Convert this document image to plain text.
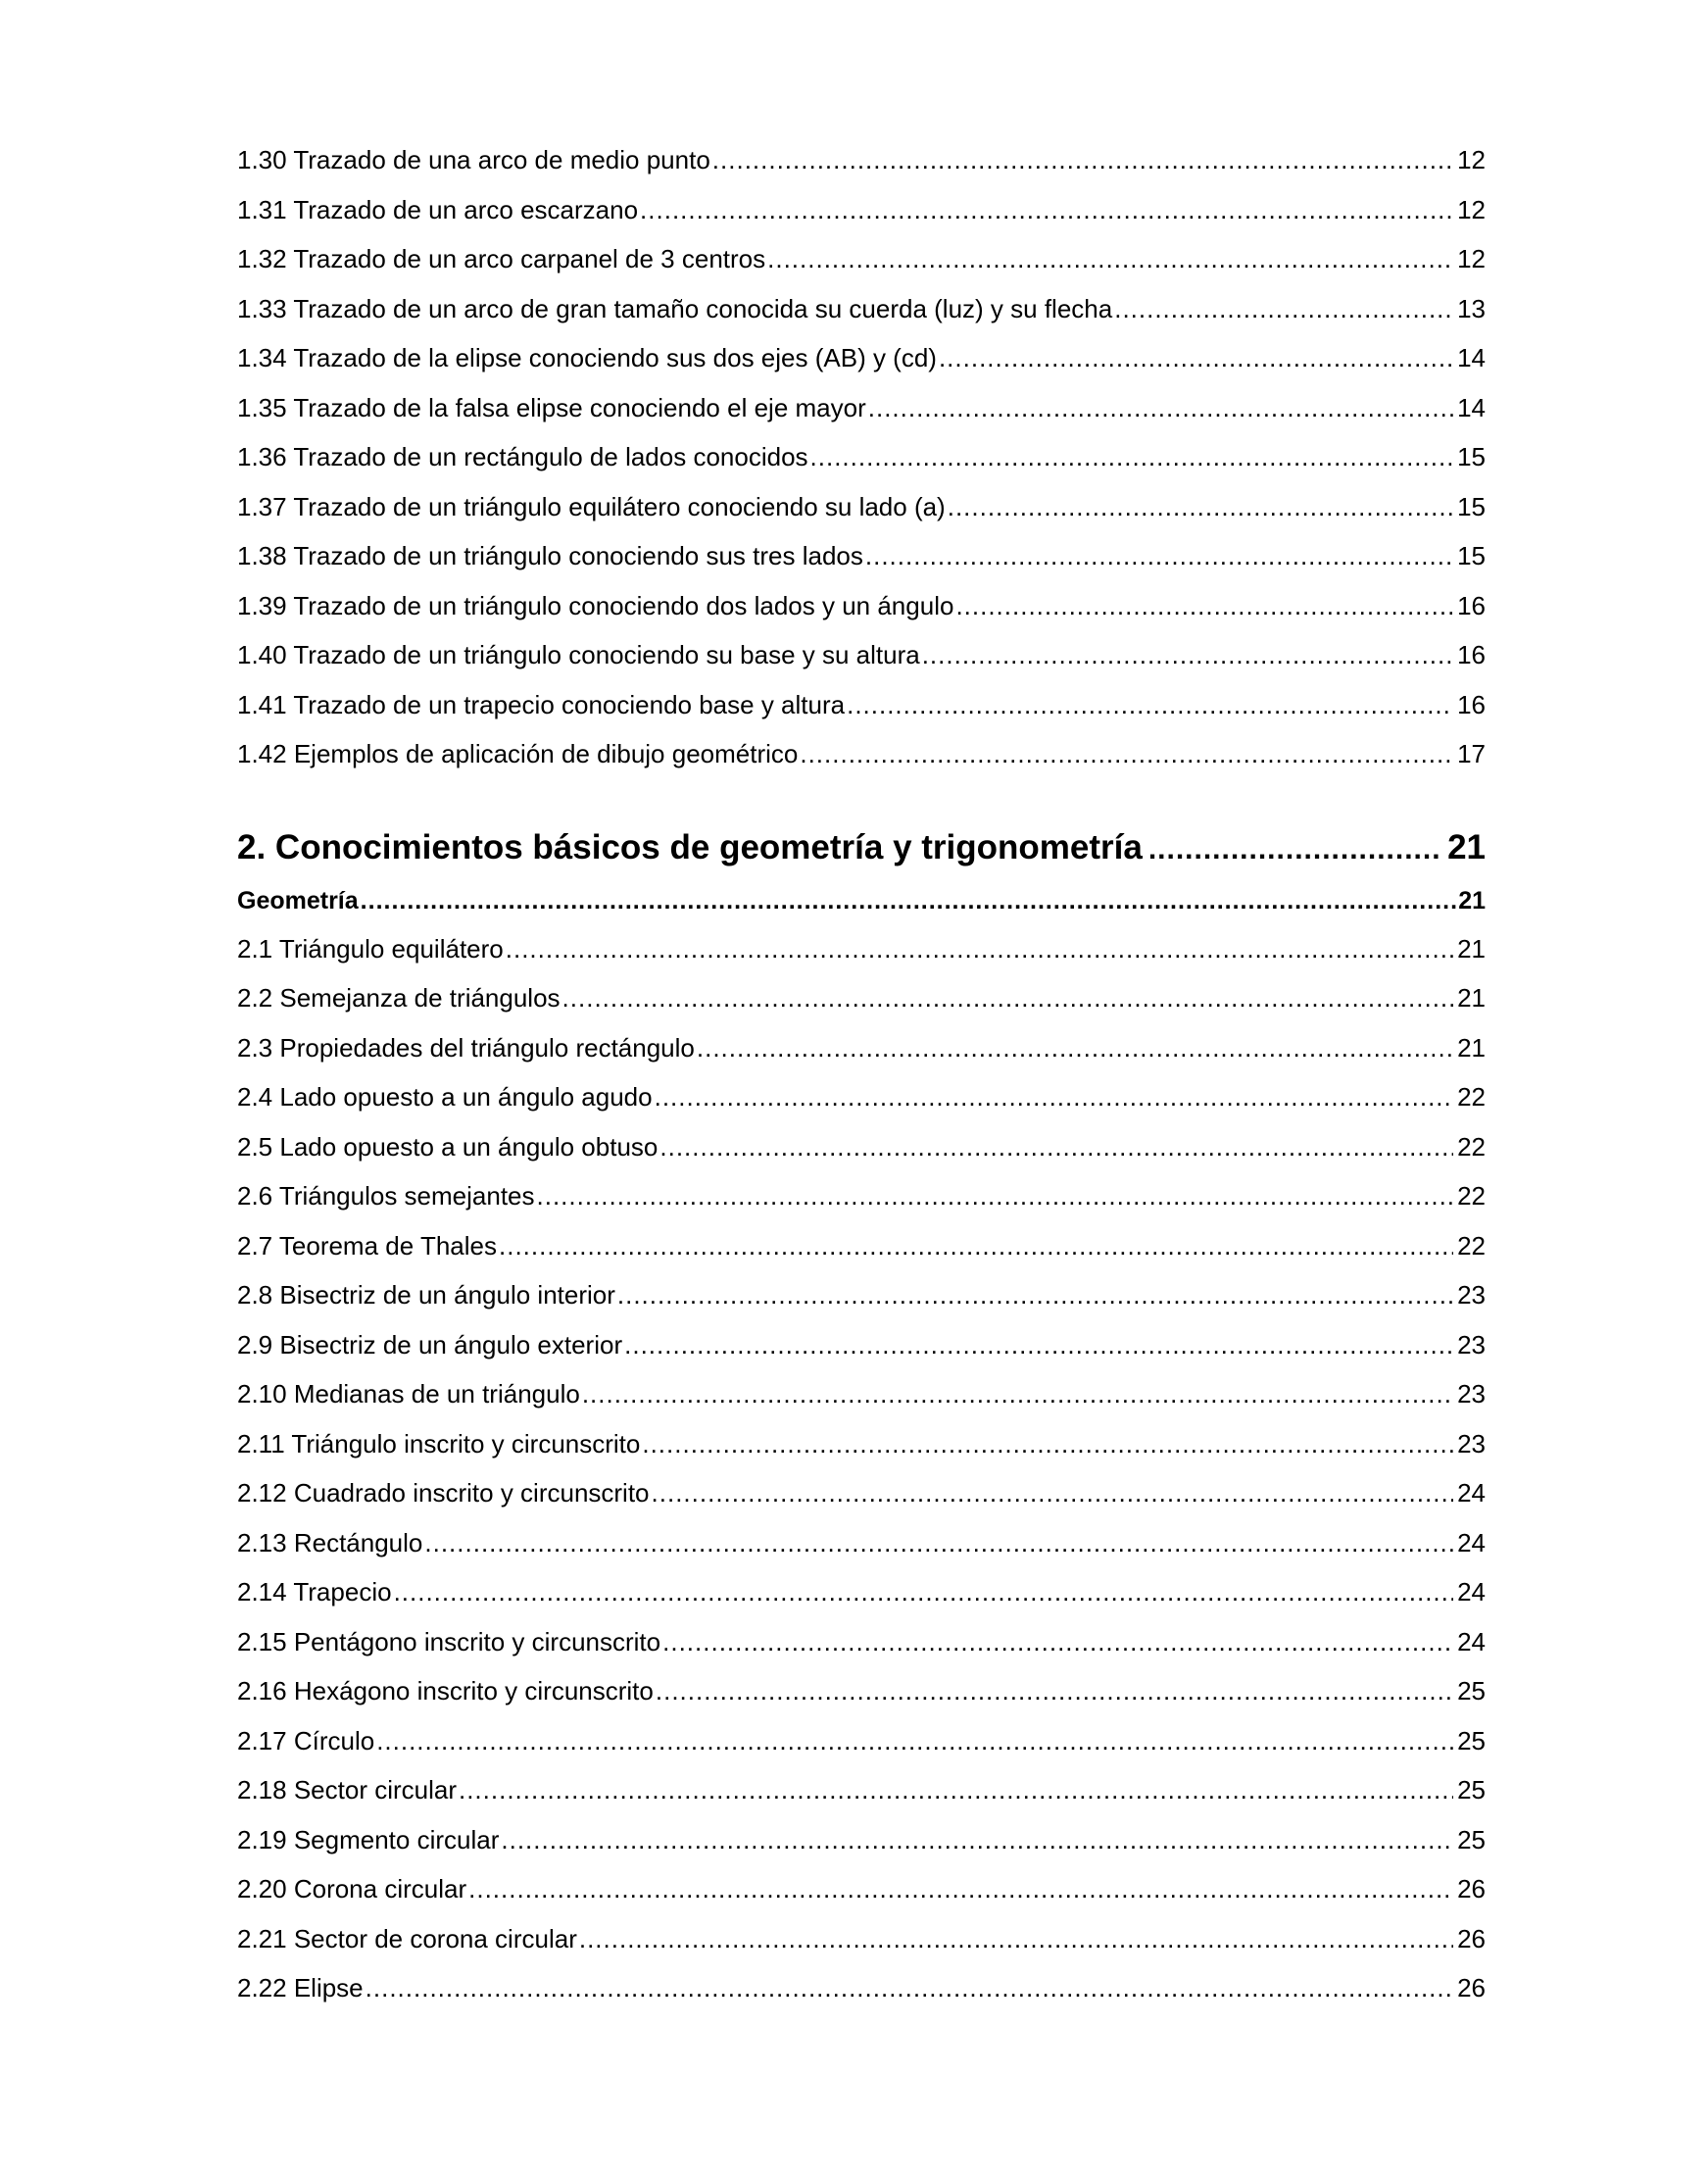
1.30 Trazado de una arco de medio punto .....	12
1.31 Trazado de un arco escarzano .....	12
1.32 Trazado de un arco carpanel de 3 centros .....	12
1.33 Trazado de un arco de gran tamaño conocida su cuerda (luz) y su flecha .....	13
1.34 Trazado de la elipse conociendo sus dos ejes (AB) y (cd) .....	14
1.35 Trazado de la falsa elipse conociendo el eje mayor .....	14
1.36 Trazado de un rectángulo de lados conocidos .....	15
1.37 Trazado de un triángulo equilátero conociendo su lado (a) .....	15
1.38 Trazado de un triángulo conociendo sus tres lados .....	15
1.39 Trazado de un triángulo conociendo dos lados y un ángulo .....	16
1.40 Trazado de un triángulo conociendo su base y su altura .....	16
1.41 Trazado de un trapecio conociendo base y altura .....	16
1.42 Ejemplos de aplicación de dibujo geométrico .....	17
2. Conocimientos básicos de geometría y trigonometría .....	21
Geometría .....	21
2.1 Triángulo equilátero .....	21
2.2 Semejanza de triángulos .....	21
2.3 Propiedades del triángulo rectángulo .....	21
2.4 Lado opuesto a un ángulo agudo .....	22
2.5 Lado opuesto a un ángulo obtuso .....	22
2.6 Triángulos semejantes .....	22
2.7 Teorema de Thales .....	22
2.8 Bisectriz de un ángulo interior .....	23
2.9 Bisectriz de un ángulo exterior .....	23
2.10 Medianas de un triángulo .....	23
2.11 Triángulo inscrito y circunscrito .....	23
2.12 Cuadrado inscrito y circunscrito .....	24
2.13 Rectángulo .....	24
2.14 Trapecio .....	24
2.15 Pentágono inscrito y circunscrito .....	24
2.16 Hexágono inscrito y circunscrito .....	25
2.17 Círculo .....	25
2.18 Sector circular .....	25
2.19 Segmento circular .....	25
2.20 Corona circular .....	26
2.21 Sector de corona circular .....	26
2.22 Elipse .....	26
